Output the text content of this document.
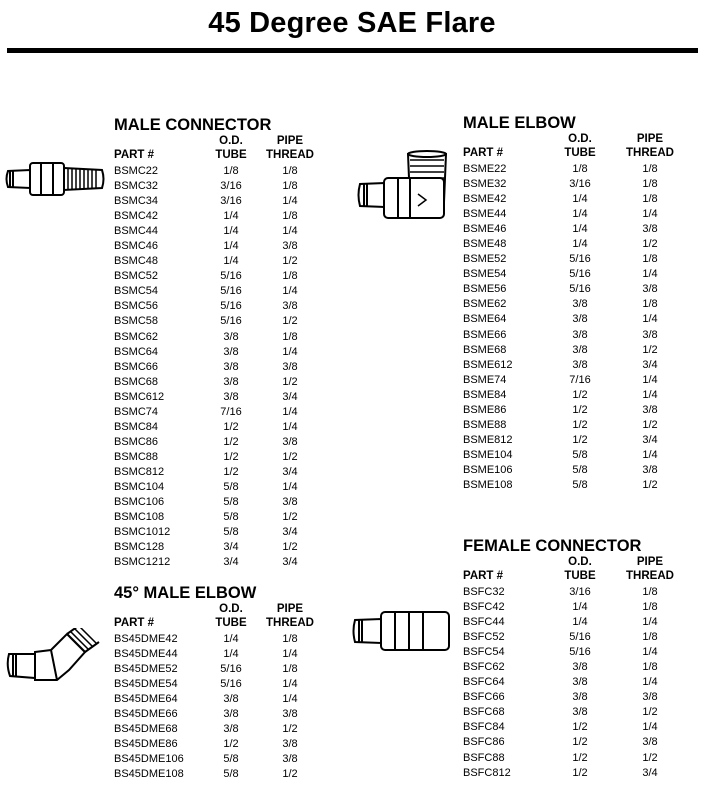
45 Degree SAE Flare
MALE CONNECTOR
O.D.
TUBE
PIPE
THREAD
PART #
BSMC22	1/8	1/8
BSMC32	3/16	1/8
BSMC34	3/16	1/4
BSMC42	1/4	1/8
BSMC44	1/4	1/4
BSMC46	1/4	3/8
BSMC48	1/4	1/2
BSMC52	5/16	1/8
BSMC54	5/16	1/4
BSMC56	5/16	3/8
BSMC58	5/16	1/2
BSMC62	3/8	1/8
BSMC64	3/8	1/4
BSMC66	3/8	3/8
BSMC68	3/8	1/2
BSMC612	3/8	3/4
BSMC74	7/16	1/4
BSMC84	1/2	1/4
BSMC86	1/2	3/8
BSMC88	1/2	1/2
BSMC812	1/2	3/4
BSMC104	5/8	1/4
BSMC106	5/8	3/8
BSMC108	5/8	1/2
BSMC1012	5/8	3/4
BSMC128	3/4	1/2
BSMC1212	3/4	3/4
45° MALE ELBOW
O.D.
TUBE
PIPE
THREAD
PART #
BS45DME42	1/4	1/8
BS45DME44	1/4	1/4
BS45DME52	5/16	1/8
BS45DME54	5/16	1/4
BS45DME64	3/8	1/4
BS45DME66	3/8	3/8
BS45DME68	3/8	1/2
BS45DME86	1/2	3/8
BS45DME106	5/8	3/8
BS45DME108	5/8	1/2
MALE ELBOW
O.D.
TUBE
PIPE
THREAD
PART #
BSME22	1/8	1/8
BSME32	3/16	1/8
BSME42	1/4	1/8
BSME44	1/4	1/4
BSME46	1/4	3/8
BSME48	1/4	1/2
BSME52	5/16	1/8
BSME54	5/16	1/4
BSME56	5/16	3/8
BSME62	3/8	1/8
BSME64	3/8	1/4
BSME66	3/8	3/8
BSME68	3/8	1/2
BSME612	3/8	3/4
BSME74	7/16	1/4
BSME84	1/2	1/4
BSME86	1/2	3/8
BSME88	1/2	1/2
BSME812	1/2	3/4
BSME104	5/8	1/4
BSME106	5/8	3/8
BSME108	5/8	1/2
FEMALE CONNECTOR
O.D.
TUBE
PIPE
THREAD
PART #
BSFC32	3/16	1/8
BSFC42	1/4	1/8
BSFC44	1/4	1/4
BSFC52	5/16	1/8
BSFC54	5/16	1/4
BSFC62	3/8	1/8
BSFC64	3/8	1/4
BSFC66	3/8	3/8
BSFC68	3/8	1/2
BSFC84	1/2	1/4
BSFC86	1/2	3/8
BSFC88	1/2	1/2
BSFC812	1/2	3/4
